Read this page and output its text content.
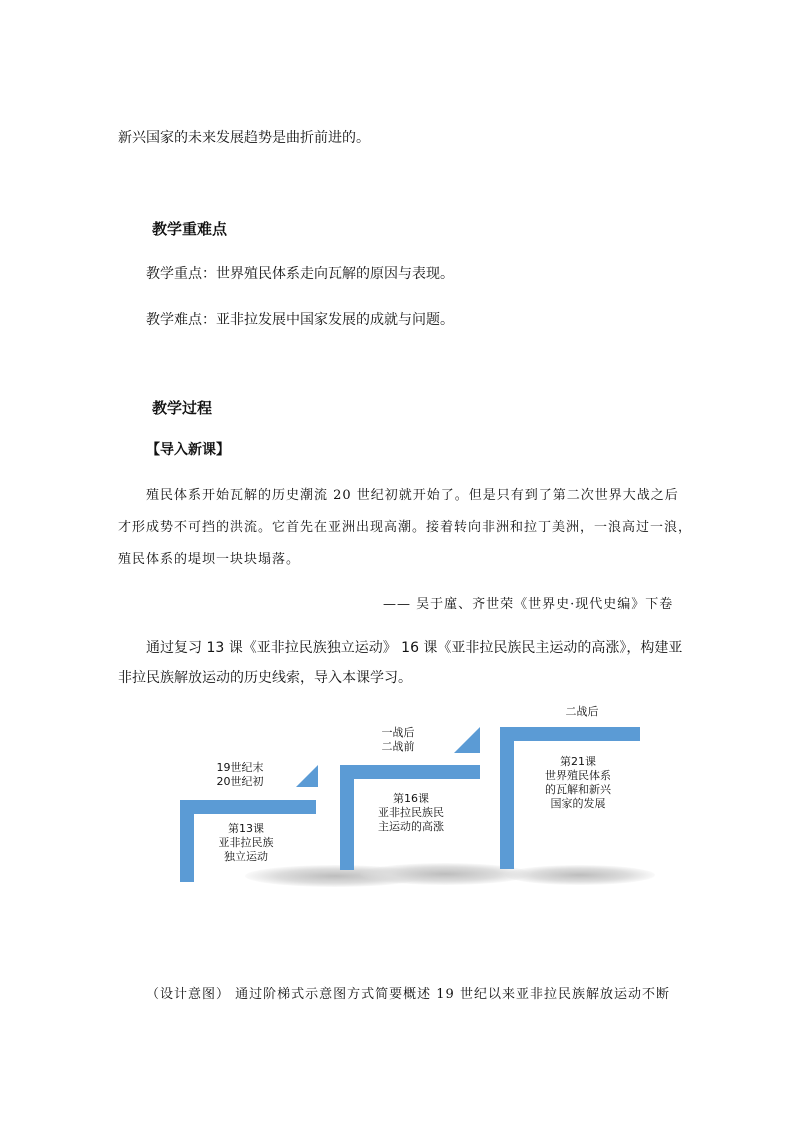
新兴国家的未来发展趋势是曲折前进的。
教学重难点
教学重点：世界殖民体系走向瓦解的原因与表现。
教学难点：亚非拉发展中国家发展的成就与问题。
教学过程
【导入新课】
殖民体系开始瓦解的历史潮流 20 世纪初就开始了。但是只有到了第二次世界大战之后
才形成势不可挡的洪流。它首先在亚洲出现高潮。接着转向非洲和拉丁美洲，一浪高过一浪，
殖民体系的堤坝一块块塌落。
—— 吴于廑、齐世荣《世界史·现代史编》下卷
通过复习 13 课《亚非拉民族独立运动》 16 课《亚非拉民族民主运动的高涨》，构建亚
非拉民族解放运动的历史线索，导入本课学习。
19世纪末
20世纪初
第13课
亚非拉民族
独立运动
一战后
二战前
第16课
亚非拉民族民
主运动的高涨
二战后
第21课
世界殖民体系
的瓦解和新兴
国家的发展
（设计意图） 通过阶梯式示意图方式简要概述 19 世纪以来亚非拉民族解放运动不断
